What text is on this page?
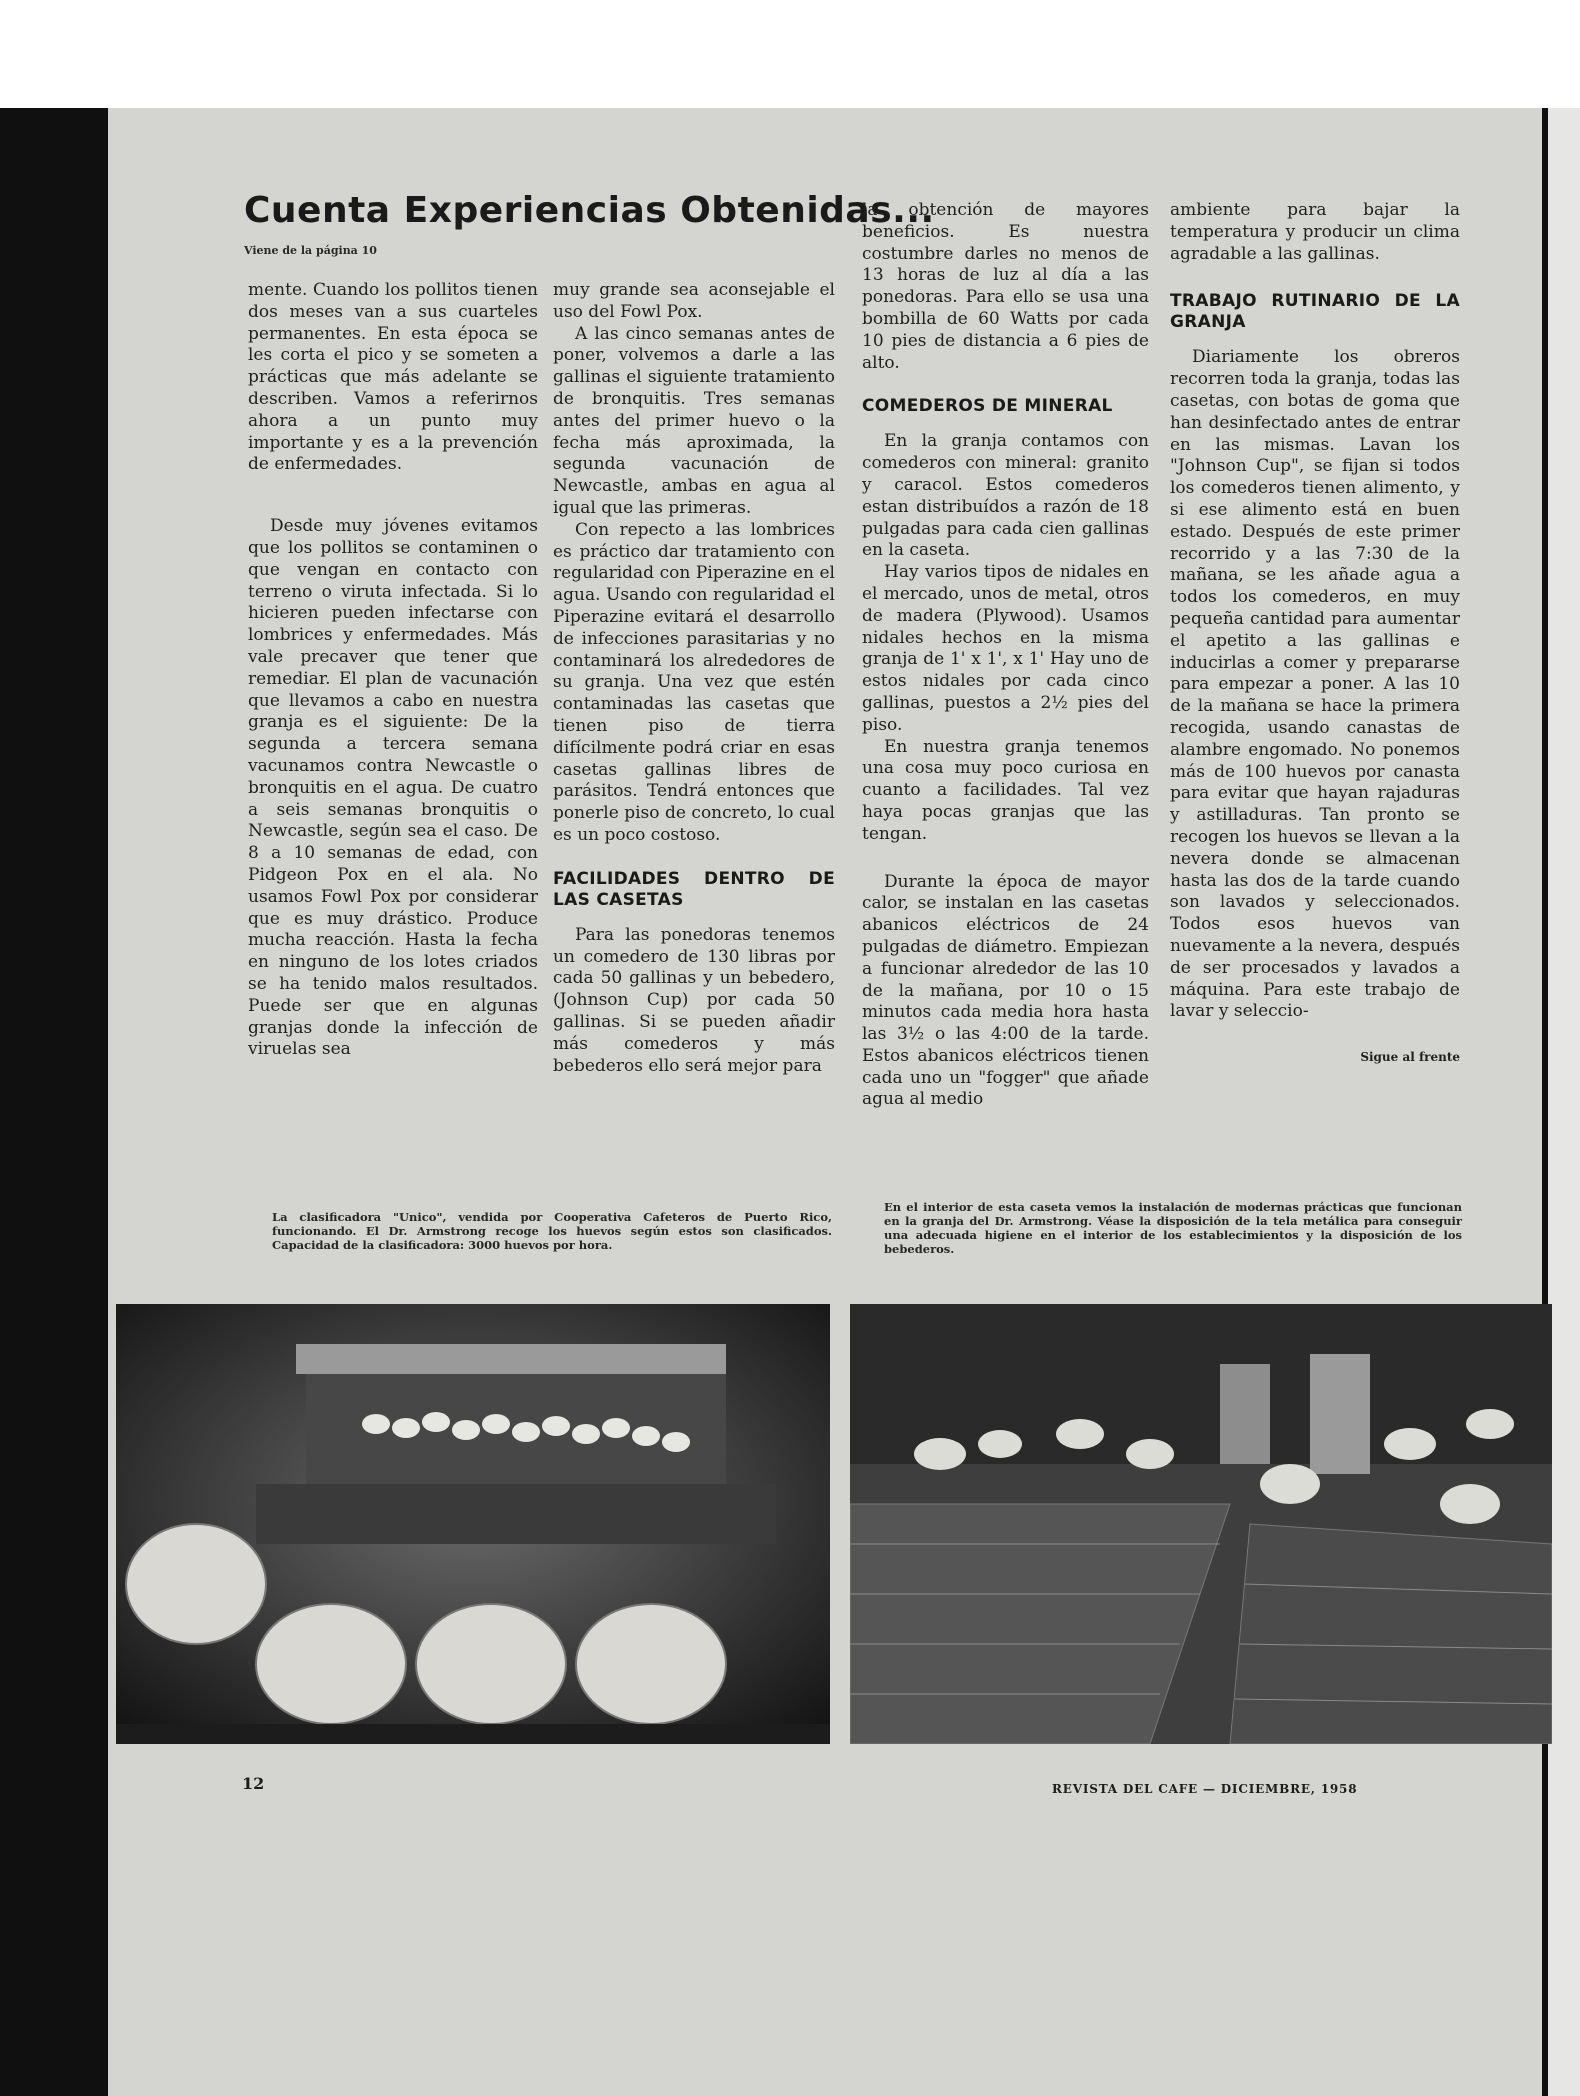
Cuenta Experiencias Obtenidas...
Viene de la página 10

mente. Cuando los pollitos tienen dos meses van a sus cuarteles permanentes. En esta época se les corta el pico y se someten a prácticas que más adelante se describen. Vamos a referirnos ahora a un punto muy importante y es a la prevención de enfermedades.

Desde muy jóvenes evitamos que los pollitos se contaminen o que vengan en contacto con terreno o viruta infectada. Si lo hicieren pueden infectarse con lombrices y enfermedades. Más vale precaver que tener que remediar. El plan de vacunación que llevamos a cabo en nuestra granja es el siguiente: De la segunda a tercera semana vacunamos contra Newcastle o bronquitis en el agua. De cuatro a seis semanas bronquitis o Newcastle, según sea el caso. De 8 a 10 semanas de edad, con Pidgeon Pox en el ala. No usamos Fowl Pox por considerar que es muy drástico. Produce mucha reacción. Hasta la fecha en ninguno de los lotes criados se ha tenido malos resultados. Puede ser que en algunas granjas donde la infección de viruelas sea

muy grande sea aconsejable el uso del Fowl Pox.

A las cinco semanas antes de poner, volvemos a darle a las gallinas el siguiente tratamiento de bronquitis. Tres semanas antes del primer huevo o la fecha más aproximada, la segunda vacunación de Newcastle, ambas en agua al igual que las primeras.

Con repecto a las lombrices es práctico dar tratamiento con regularidad con Piperazine en el agua. Usando con regularidad el Piperazine evitará el desarrollo de infecciones parasitarias y no contaminará los alrededores de su granja. Una vez que estén contaminadas las casetas que tienen piso de tierra difícilmente podrá criar en esas casetas gallinas libres de parásitos. Tendrá entonces que ponerle piso de concreto, lo cual es un poco costoso.

FACILIDADES DENTRO DE LAS CASETAS

Para las ponedoras tenemos un comedero de 130 libras por cada 50 gallinas y un bebedero, (Johnson Cup) por cada 50 gallinas. Si se pueden añadir más comederos y más bebederos ello será mejor para

la obtención de mayores beneficios. Es nuestra costumbre darles no menos de 13 horas de luz al día a las ponedoras. Para ello se usa una bombilla de 60 Watts por cada 10 pies de distancia a 6 pies de alto.

COMEDEROS DE MINERAL

En la granja contamos con comederos con mineral: granito y caracol. Estos comederos estan distribuídos a razón de 18 pulgadas para cada cien gallinas en la caseta.

Hay varios tipos de nidales en el mercado, unos de metal, otros de madera (Plywood). Usamos nidales hechos en la misma granja de 1' x 1', x 1' Hay uno de estos nidales por cada cinco gallinas, puestos a 2½ pies del piso.

En nuestra granja tenemos una cosa muy poco curiosa en cuanto a facilidades. Tal vez haya pocas granjas que las tengan.

Durante la época de mayor calor, se instalan en las casetas abanicos eléctricos de 24 pulgadas de diámetro. Empiezan a funcionar alrededor de las 10 de la mañana, por 10 o 15 minutos cada media hora hasta las 3½ o las 4:00 de la tarde. Estos abanicos eléctricos tienen cada uno un "fogger" que añade agua al medio

ambiente para bajar la temperatura y producir un clima agradable a las gallinas.

TRABAJO RUTINARIO DE LA GRANJA

Diariamente los obreros recorren toda la granja, todas las casetas, con botas de goma que han desinfectado antes de entrar en las mismas. Lavan los "Johnson Cup", se fijan si todos los comederos tienen alimento, y si ese alimento está en buen estado. Después de este primer recorrido y a las 7:30 de la mañana, se les añade agua a todos los comederos, en muy pequeña cantidad para aumentar el apetito a las gallinas e inducirlas a comer y prepararse para empezar a poner. A las 10 de la mañana se hace la primera recogida, usando canastas de alambre engomado. No ponemos más de 100 huevos por canasta para evitar que hayan rajaduras y astilladuras. Tan pronto se recogen los huevos se llevan a la nevera donde se almacenan hasta las dos de la tarde cuando son lavados y seleccionados. Todos esos huevos van nuevamente a la nevera, después de ser procesados y lavados a máquina. Para este trabajo de lavar y seleccio-

Sigue al frente
La clasificadora "Unico", vendida por Cooperativa Cafeteros de Puerto Rico, funcionando. El Dr. Armstrong recoge los huevos según estos son clasificados. Capacidad de la clasificadora: 3000 huevos por hora.
En el interior de esta caseta vemos la instalación de modernas prácticas que funcionan en la granja del Dr. Armstrong. Véase la disposición de la tela metálica para conseguir una adecuada higiene en el interior de los establecimientos y la disposición de los bebederos.
12	REVISTA DEL CAFE — DICIEMBRE, 1958
